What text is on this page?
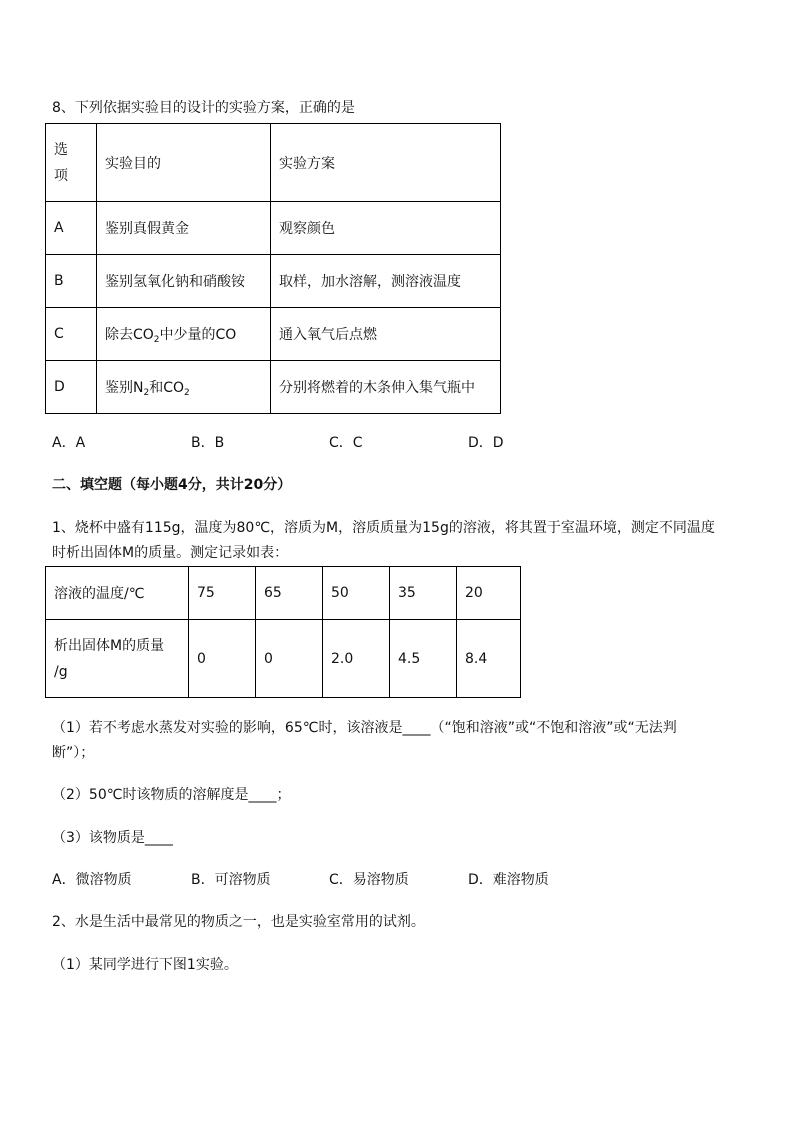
8、下列依据实验目的设计的实验方案，正确的是
选
项	实验目的	实验方案
A	鉴别真假黄金	观察颜色
B	鉴别氢氧化钠和硝酸铵	取样，加水溶解，测溶液温度
C	除去$CO_2$中少量的CO	通入氧气后点燃
D	鉴别$N_2$和$CO_2$	分别将燃着的木条伸入集气瓶中
A．A	B．B	C．C	D．D
二、填空题（每小题4分，共计20分）
1、烧杯中盛有115g，温度为80℃，溶质为M，溶质质量为15g的溶液，将其置于室温环境，测定不同温度
时析出固体M的质量。测定记录如表：
溶液的温度/℃	75	65	50	35	20
析出固体M的质量
/g	0	0	2.0	4.5	8.4
（1）若不考虑水蒸发对实验的影响，65℃时，该溶液是____（“饱和溶液”或“不饱和溶液”或“无法判
断”）；
（2）50℃时该物质的溶解度是____；
（3）该物质是____
A．微溶物质	B．可溶物质	C．易溶物质	D．难溶物质
2、水是生活中最常见的物质之一，也是实验室常用的试剂。
（1）某同学进行下图1实验。
